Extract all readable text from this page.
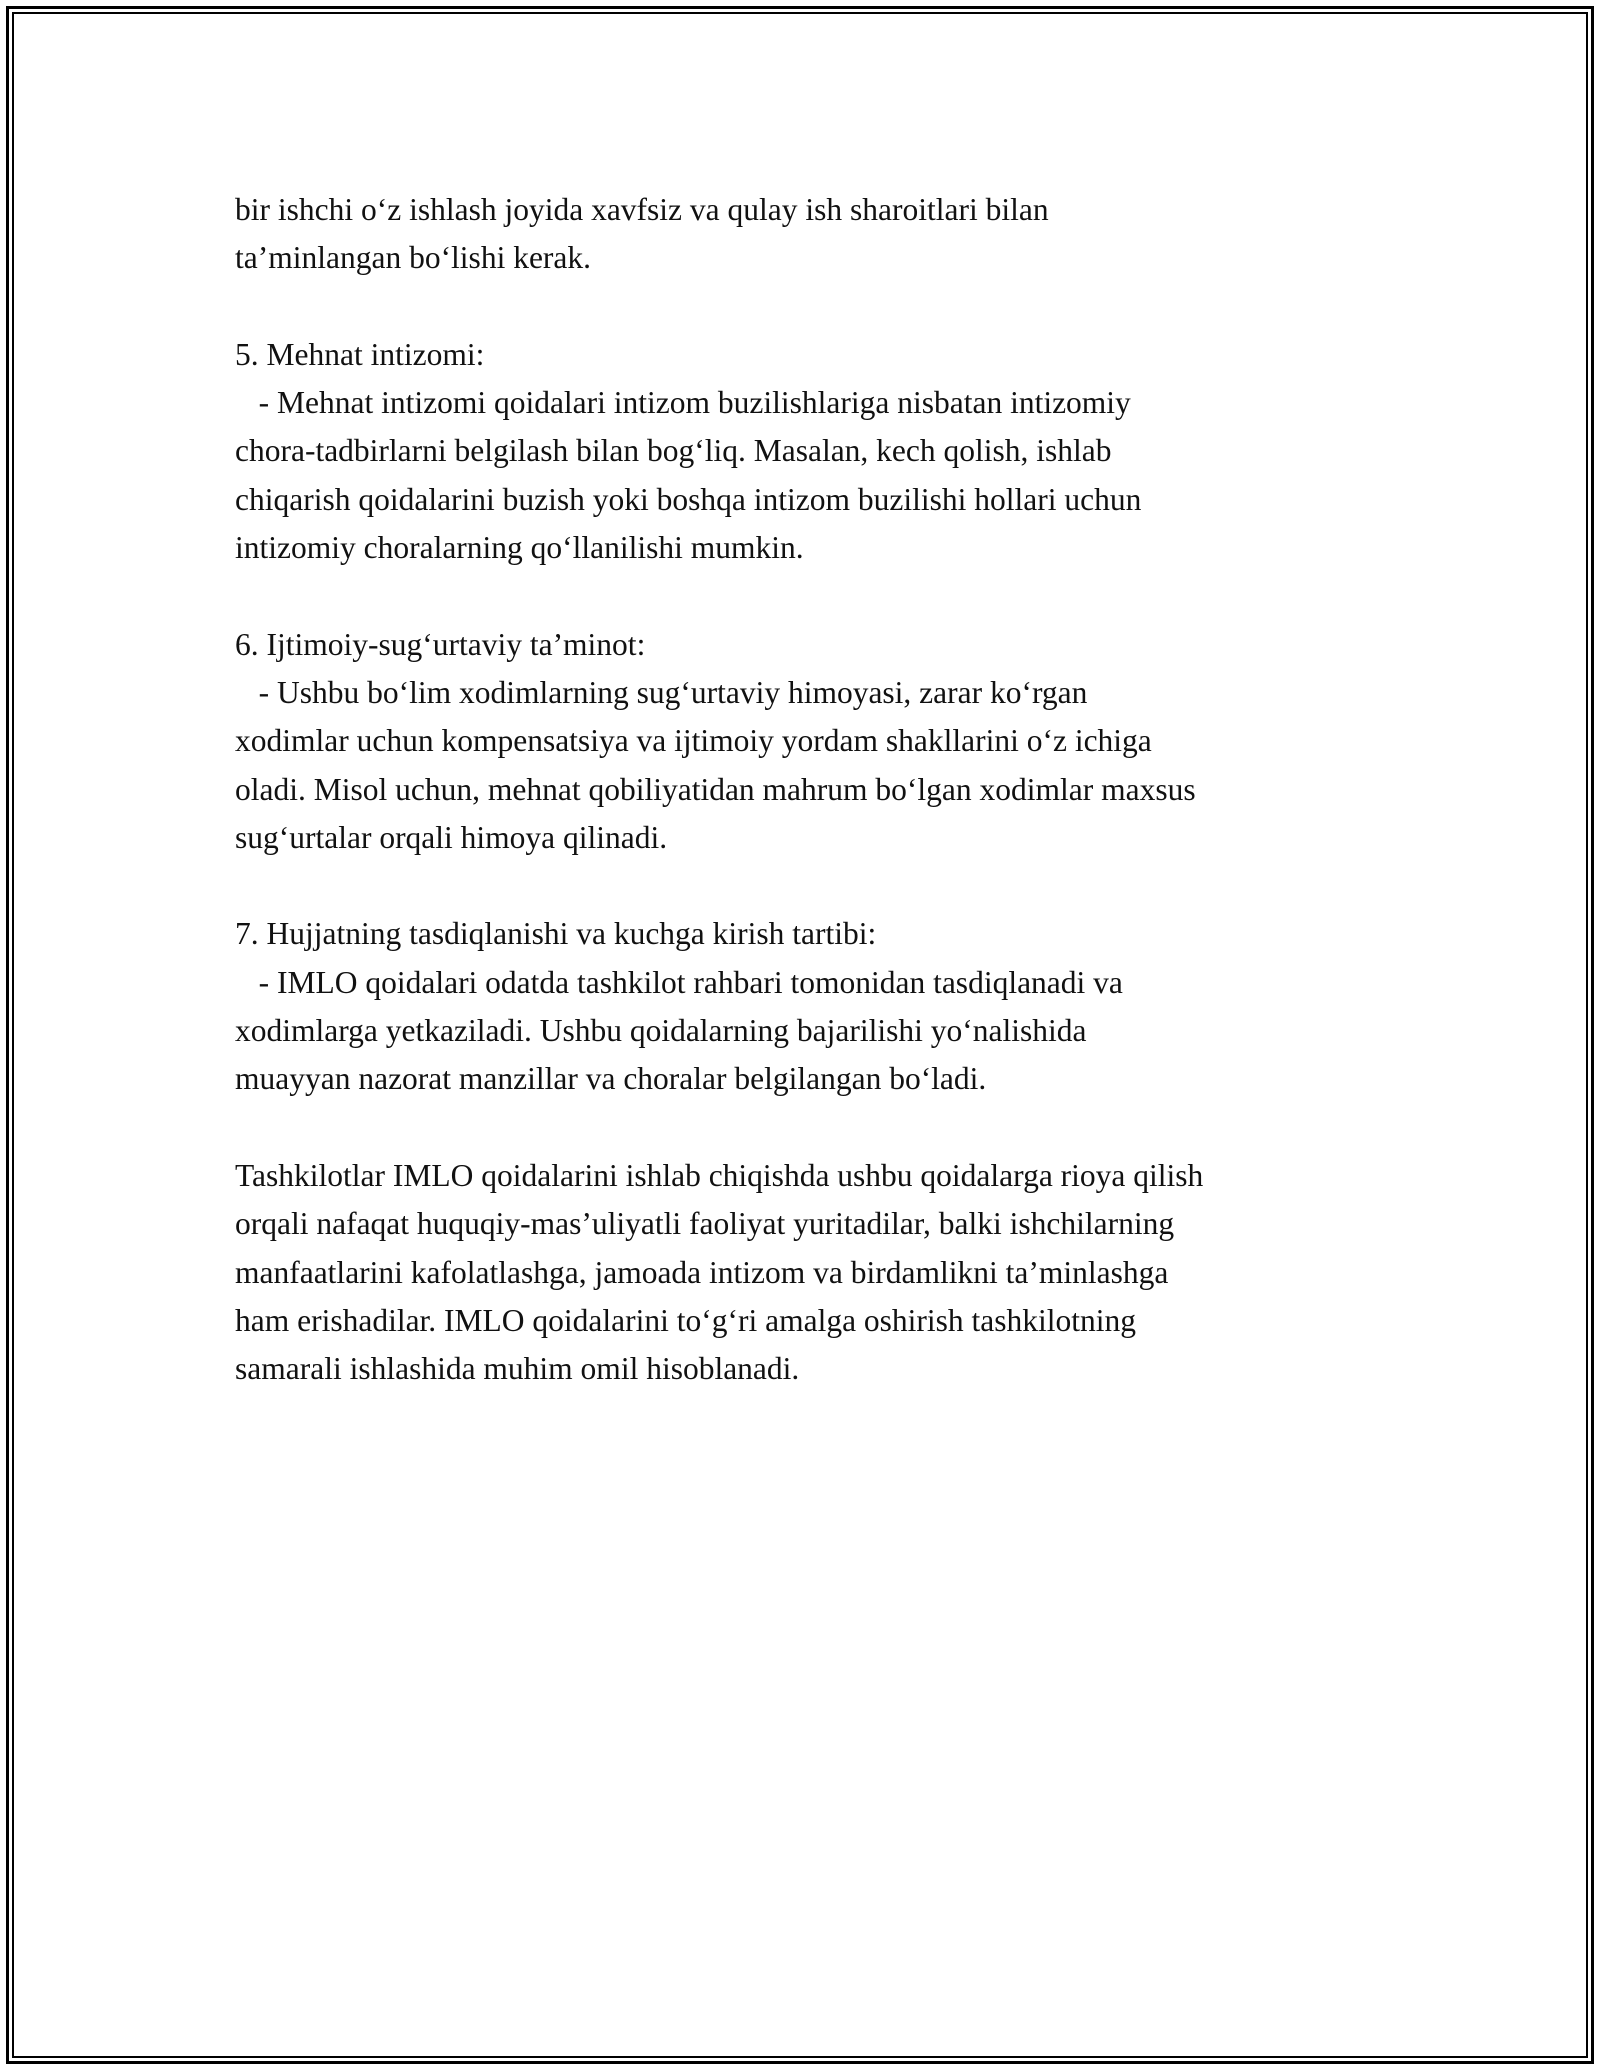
bir ishchi o‘z ishlash joyida xavfsiz va qulay ish sharoitlari bilan
ta’minlangan bo‘lishi kerak.
5. Mehnat intizomi:
- Mehnat intizomi qoidalari intizom buzilishlariga nisbatan intizomiy
chora-tadbirlarni belgilash bilan bog‘liq. Masalan, kech qolish, ishlab
chiqarish qoidalarini buzish yoki boshqa intizom buzilishi hollari uchun
intizomiy choralarning qo‘llanilishi mumkin.
6. Ijtimoiy-sug‘urtaviy ta’minot:
- Ushbu bo‘lim xodimlarning sug‘urtaviy himoyasi, zarar ko‘rgan
xodimlar uchun kompensatsiya va ijtimoiy yordam shakllarini o‘z ichiga
oladi. Misol uchun, mehnat qobiliyatidan mahrum bo‘lgan xodimlar maxsus
sug‘urtalar orqali himoya qilinadi.
7. Hujjatning tasdiqlanishi va kuchga kirish tartibi:
- IMLO qoidalari odatda tashkilot rahbari tomonidan tasdiqlanadi va
xodimlarga yetkaziladi. Ushbu qoidalarning bajarilishi yo‘nalishida
muayyan nazorat manzillar va choralar belgilangan bo‘ladi.
Tashkilotlar IMLO qoidalarini ishlab chiqishda ushbu qoidalarga rioya qilish
orqali nafaqat huquqiy-mas’uliyatli faoliyat yuritadilar, balki ishchilarning
manfaatlarini kafolatlashga, jamoada intizom va birdamlikni ta’minlashga
ham erishadilar. IMLO qoidalarini to‘g‘ri amalga oshirish tashkilotning
samarali ishlashida muhim omil hisoblanadi.
